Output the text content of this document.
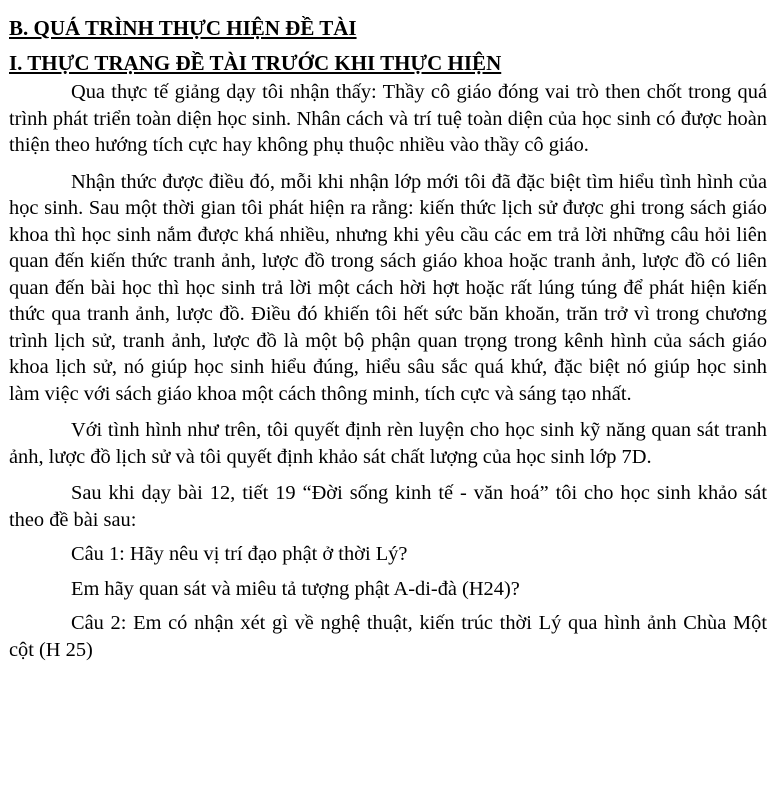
B. QUÁ TRÌNH THỰC HIỆN ĐỀ TÀI

I. THỰC TRẠNG ĐỀ TÀI TRƯỚC KHI THỰC HIỆN

Qua thực tế giảng dạy tôi nhận thấy: Thầy cô giáo đóng vai trò then chốt trong quá trình phát triển toàn diện học sinh. Nhân cách và trí tuệ toàn diện của học sinh có được hoàn thiện theo hướng tích cực hay không phụ thuộc nhiều vào thầy cô giáo.

Nhận thức được điều đó, mỗi khi nhận lớp mới tôi đã đặc biệt tìm hiểu tình hình của học sinh. Sau một thời gian tôi phát hiện ra rằng: kiến thức lịch sử được ghi trong sách giáo khoa thì học sinh nắm được khá nhiều, nhưng khi yêu cầu các em trả lời những câu hỏi liên quan đến kiến thức tranh ảnh, lược đồ trong sách giáo khoa hoặc tranh ảnh, lược đồ có liên quan đến bài học thì học sinh trả lời một cách hời hợt hoặc rất lúng túng để phát hiện kiến thức qua tranh ảnh, lược đồ. Điều đó khiến tôi hết sức băn khoăn, trăn trở vì trong chương trình lịch sử, tranh ảnh, lược đồ là một bộ phận quan trọng trong kênh hình của sách giáo khoa lịch sử, nó giúp học sinh hiểu đúng, hiểu sâu sắc quá khứ, đặc biệt nó giúp học sinh làm việc với sách giáo khoa một cách thông minh, tích cực và sáng tạo nhất.

Với tình hình như trên, tôi quyết định rèn luyện cho học sinh kỹ năng quan sát tranh ảnh, lược đồ lịch sử và tôi quyết định khảo sát chất lượng của học sinh lớp 7D.

Sau khi dạy bài 12, tiết 19 “Đời sống kinh tế - văn hoá” tôi cho học sinh khảo sát theo đề bài sau:

Câu 1: Hãy nêu vị trí đạo phật ở thời Lý?

Em hãy quan sát và miêu tả tượng phật A-di-đà (H24)?

Câu 2: Em có nhận xét gì về nghệ thuật, kiến trúc thời Lý qua hình ảnh Chùa Một cột (H 25)
